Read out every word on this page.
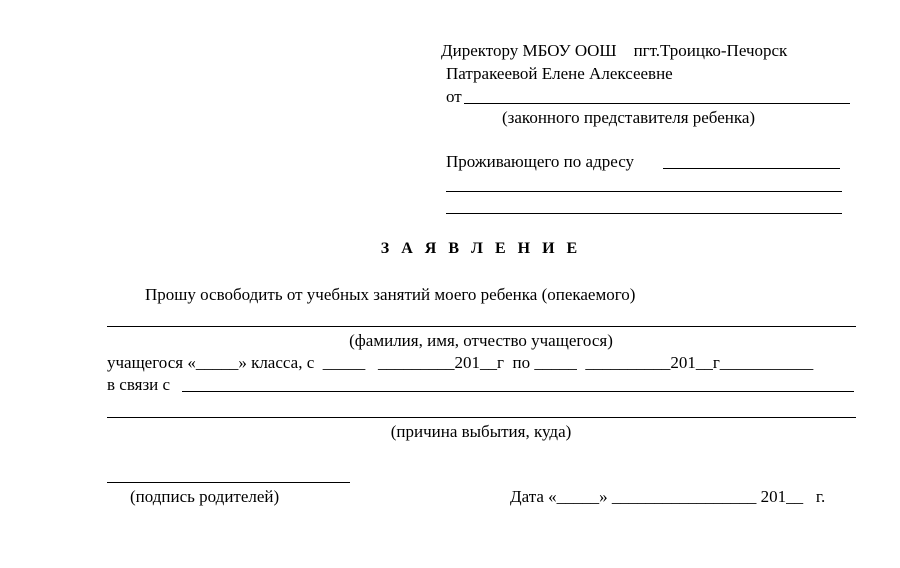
Директору МБОУ ООШ    пгт.Троицко-Печорск
Патракеевой Елене Алексеевне
от
(законного представителя ребенка)
Проживающего по адресу
З А Я В Л Е Н И Е
Прошу освободить от учебных занятий моего ребенка (опекаемого)
(фамилия, имя, отчество учащегося)
учащегося «_____» класса, с  _____   _________201__г  по _____  __________201__г___________
в связи с
(причина выбытия, куда)
(подпись родителей)	Дата «_____» _________________ 201__   г.
